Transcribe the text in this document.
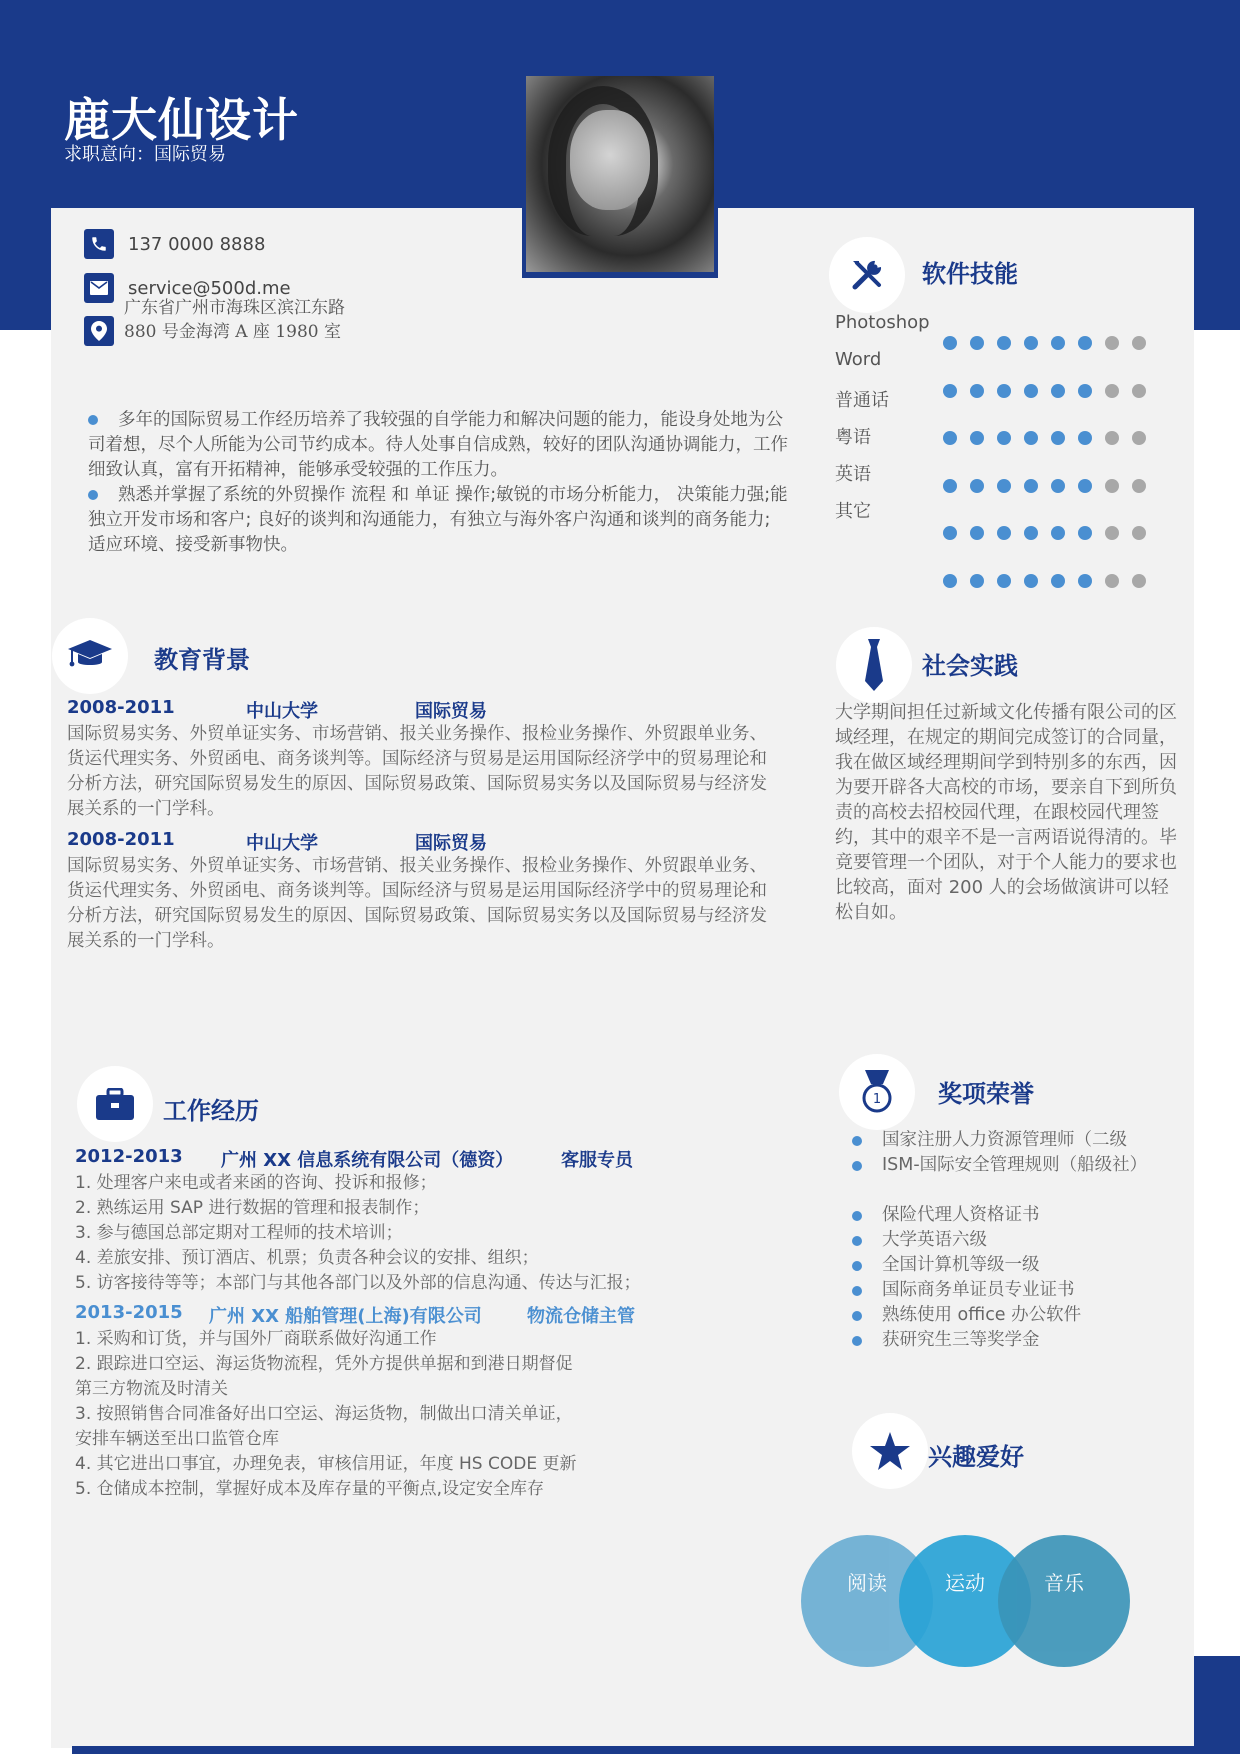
鹿大仙设计
求职意向：国际贸易
137 0000 8888
service@500d.me
广东省广州市海珠区滨江东路
880 号金海湾 A 座 1980 室
多年的国际贸易工作经历培养了我较强的自学能力和解决问题的能力，能设身处地为公司着想，尽个人所能为公司节约成本。待人处事自信成熟，较好的团队沟通协调能力，工作细致认真，富有开拓精神，能够承受较强的工作压力。
熟悉并掌握了系统的外贸操作 流程 和 单证 操作;敏锐的市场分析能力， 决策能力强;能独立开发市场和客户; 良好的谈判和沟通能力，有独立与海外客户沟通和谈判的商务能力; 适应环境、接受新事物快。
软件技能
Photoshop
Word
普通话
粤语
英语
其它
教育背景
2008-2011	中山大学	国际贸易
国际贸易实务、外贸单证实务、市场营销、报关业务操作、报检业务操作、外贸跟单业务、货运代理实务、外贸函电、商务谈判等。国际经济与贸易是运用国际经济学中的贸易理论和分析方法，研究国际贸易发生的原因、国际贸易政策、国际贸易实务以及国际贸易与经济发展关系的一门学科。
2008-2011	中山大学	国际贸易
国际贸易实务、外贸单证实务、市场营销、报关业务操作、报检业务操作、外贸跟单业务、货运代理实务、外贸函电、商务谈判等。国际经济与贸易是运用国际经济学中的贸易理论和分析方法，研究国际贸易发生的原因、国际贸易政策、国际贸易实务以及国际贸易与经济发展关系的一门学科。
社会实践
大学期间担任过新域文化传播有限公司的区域经理，在规定的期间完成签订的合同量，我在做区域经理期间学到特别多的东西，因为要开辟各大高校的市场，要亲自下到所负责的高校去招校园代理，在跟校园代理签约，其中的艰辛不是一言两语说得清的。毕竟要管理一个团队，对于个人能力的要求也比较高，面对 200 人的会场做演讲可以轻松自如。
工作经历
2012-2013 广州 XX 信息系统有限公司（德资）	客服专员
1. 处理客户来电或者来函的咨询、投诉和报修；
2. 熟练运用 SAP 进行数据的管理和报表制作；
3. 参与德国总部定期对工程师的技术培训；
4. 差旅安排、预订酒店、机票；负责各种会议的安排、组织；
5. 访客接待等等；本部门与其他各部门以及外部的信息沟通、传达与汇报；
2013-2015 广州 XX 船舶管理(上海)有限公司	物流仓储主管
1. 采购和订货，并与国外厂商联系做好沟通工作
2. 跟踪进口空运、海运货物流程，凭外方提供单据和到港日期督促
第三方物流及时清关
3. 按照销售合同准备好出口空运、海运货物，制做出口清关单证，
安排车辆送至出口监管仓库
4. 其它进出口事宜，办理免表，审核信用证，年度 HS CODE 更新
5. 仓储成本控制，掌握好成本及库存量的平衡点,设定安全库存
1 奖项荣誉
国家注册人力资源管理师（二级
ISM-国际安全管理规则（船级社）
保险代理人资格证书
大学英语六级
全国计算机等级一级
国际商务单证员专业证书
熟练使用 office 办公软件
获研究生三等奖学金
兴趣爱好
阅读	运动	音乐
